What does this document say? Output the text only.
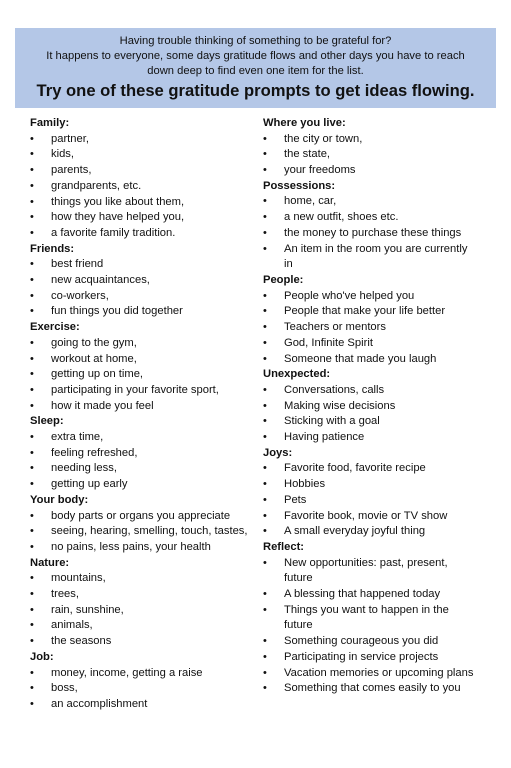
Having trouble thinking of something to be grateful for?
It happens to everyone, some days gratitude flows and other days you have to reach
down deep to find even one item for the list.
Try one of these gratitude prompts to get ideas flowing.
Family:
• partner,
• kids,
• parents,
• grandparents, etc.
• things you like about them,
• how they have helped you,
• a favorite family tradition.
Friends:
• best friend
• new acquaintances,
• co-workers,
• fun things you did together
Exercise:
• going to the gym,
• workout at home,
• getting up on time,
• participating in your favorite sport,
• how it made you feel
Sleep:
• extra time,
• feeling refreshed,
• needing less,
• getting up early
Your body:
• body parts or organs you appreciate
• seeing, hearing, smelling, touch, tastes,
• no pains, less pains, your health
Nature:
• mountains,
• trees,
• rain, sunshine,
• animals,
• the seasons
Job:
• money, income, getting a raise
• boss,
• an accomplishment
Where you live:
• the city or town,
• the state,
• your freedoms
Possessions:
• home, car,
• a new outfit, shoes etc.
• the money to purchase these things
• An item in the room you are currently in
People:
• People who've helped you
• People that make your life better
• Teachers or mentors
• God, Infinite Spirit
• Someone that made you laugh
Unexpected:
• Conversations, calls
• Making wise decisions
• Sticking with a goal
• Having patience
Joys:
• Favorite food, favorite recipe
• Hobbies
• Pets
• Favorite book, movie or TV show
• A small everyday joyful thing
Reflect:
• New opportunities: past, present, future
• A blessing that happened today
• Things you want to happen in the future
• Something courageous you did
• Participating in service projects
• Vacation memories or upcoming plans
• Something that comes easily to you
